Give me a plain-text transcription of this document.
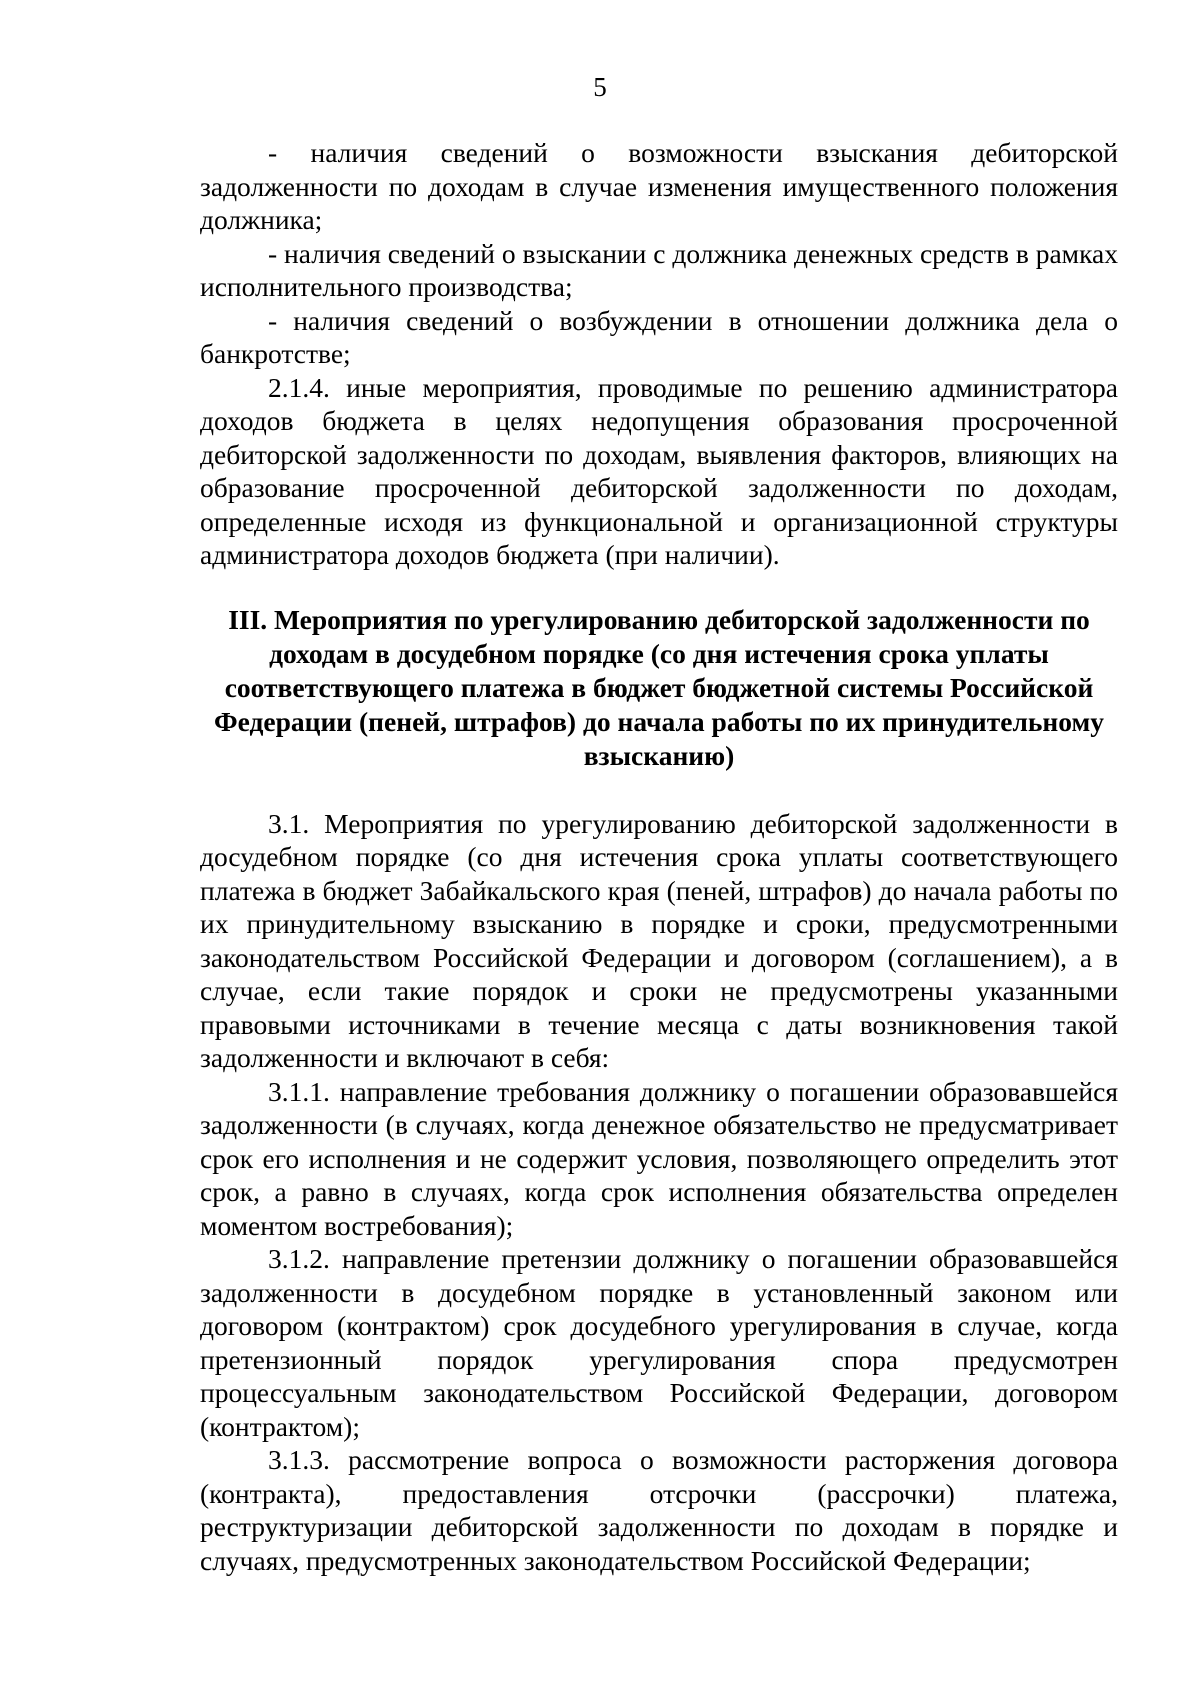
5

- наличия сведений о возможности взыскания дебиторской задолженности по доходам в случае изменения имущественного положения должника;

- наличия сведений о взыскании с должника денежных средств в рамках исполнительного производства;

- наличия сведений о возбуждении в отношении должника дела о банкротстве;

2.1.4. иные мероприятия, проводимые по решению администратора доходов бюджета в целях недопущения образования просроченной дебиторской задолженности по доходам, выявления факторов, влияющих на образование просроченной дебиторской задолженности по доходам, определенные исходя из функциональной и организационной структуры администратора доходов бюджета (при наличии).

III. Мероприятия по урегулированию дебиторской задолженности по доходам в досудебном порядке (со дня истечения срока уплаты соответствующего платежа в бюджет бюджетной системы Российской Федерации (пеней, штрафов) до начала работы по их принудительному взысканию)

3.1. Мероприятия по урегулированию дебиторской задолженности в досудебном порядке (со дня истечения срока уплаты соответствующего платежа в бюджет Забайкальского края (пеней, штрафов) до начала работы по их принудительному взысканию в порядке и сроки, предусмотренными законодательством Российской Федерации и договором (соглашением), а в случае, если такие порядок и сроки не предусмотрены указанными правовыми источниками в течение месяца с даты возникновения такой задолженности и включают в себя:

3.1.1. направление требования должнику о погашении образовавшейся задолженности (в случаях, когда денежное обязательство не предусматривает срок его исполнения и не содержит условия, позволяющего определить этот срок, а равно в случаях, когда срок исполнения обязательства определен моментом востребования);

3.1.2. направление претензии должнику о погашении образовавшейся задолженности в досудебном порядке в установленный законом или договором (контрактом) срок досудебного урегулирования в случае, когда претензионный порядок урегулирования спора предусмотрен процессуальным законодательством Российской Федерации, договором (контрактом);

3.1.3. рассмотрение вопроса о возможности расторжения договора (контракта), предоставления отсрочки (рассрочки) платежа, реструктуризации дебиторской задолженности по доходам в порядке и случаях, предусмотренных законодательством Российской Федерации;
